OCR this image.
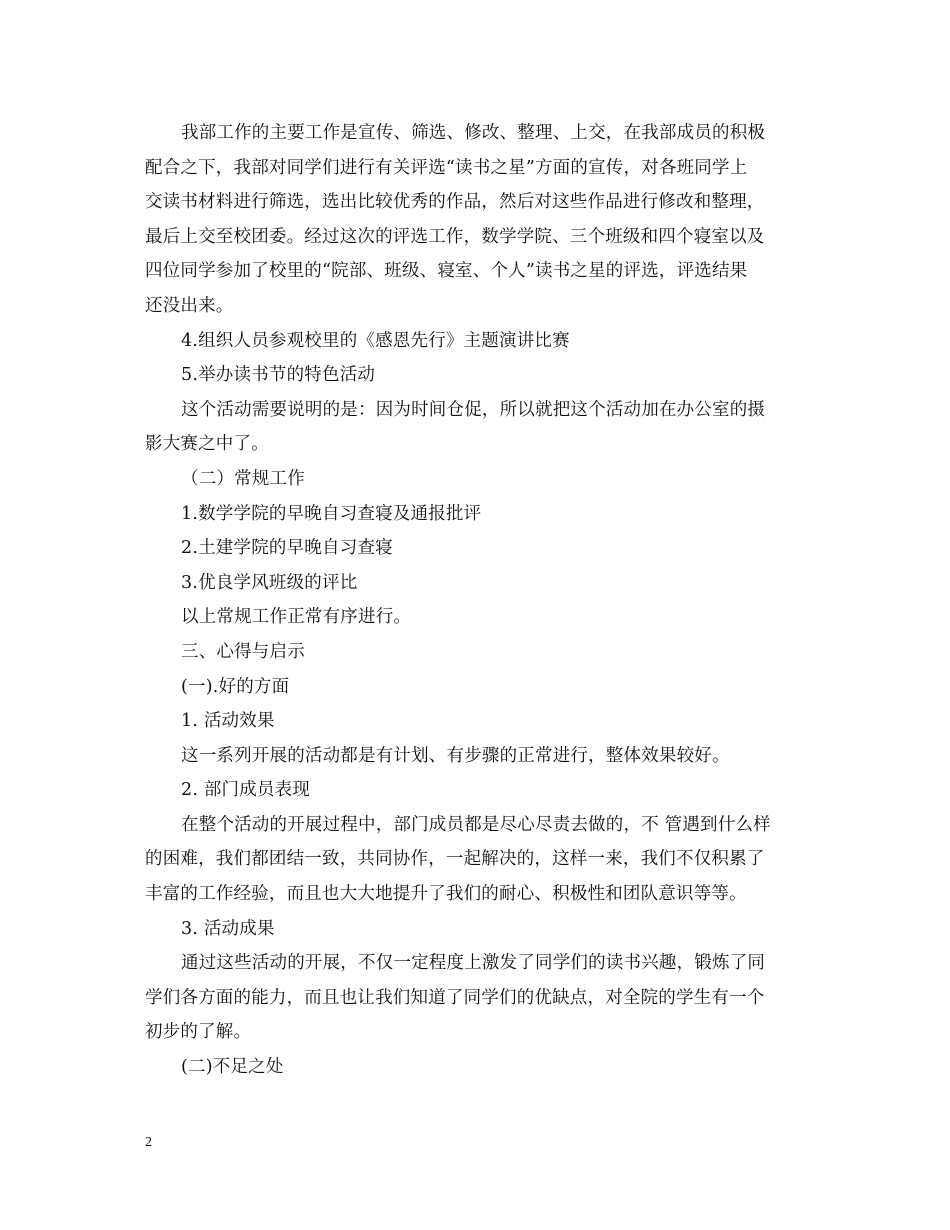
我部工作的主要工作是宣传、筛选、修改、整理、上交，在我部成员的积极
配合之下，我部对同学们进行有关评选“读书之星”方面的宣传，对各班同学上
交读书材料进行筛选，选出比较优秀的作品，然后对这些作品进行修改和整理，
最后上交至校团委。经过这次的评选工作，数学学院、三个班级和四个寝室以及
四位同学参加了校里的“院部、班级、寝室、个人”读书之星的评选，评选结果
还没出来。
4.组织人员参观校里的《感恩先行》主题演讲比赛
5.举办读书节的特色活动
这个活动需要说明的是：因为时间仓促，所以就把这个活动加在办公室的摄
影大赛之中了。
（二）常规工作
1.数学学院的早晚自习查寝及通报批评
2.土建学院的早晚自习查寝
3.优良学风班级的评比
以上常规工作正常有序进行。
三、心得与启示
(一).好的方面
1. 活动效果
这一系列开展的活动都是有计划、有步骤的正常进行，整体效果较好。
2. 部门成员表现
在整个活动的开展过程中，部门成员都是尽心尽责去做的，不 管遇到什么样
的困难，我们都团结一致，共同协作，一起解决的，这样一来，我们不仅积累了
丰富的工作经验，而且也大大地提升了我们的耐心、积极性和团队意识等等。
3. 活动成果
通过这些活动的开展，不仅一定程度上激发了同学们的读书兴趣，锻炼了同
学们各方面的能力，而且也让我们知道了同学们的优缺点，对全院的学生有一个
初步的了解。
(二)不足之处
2
